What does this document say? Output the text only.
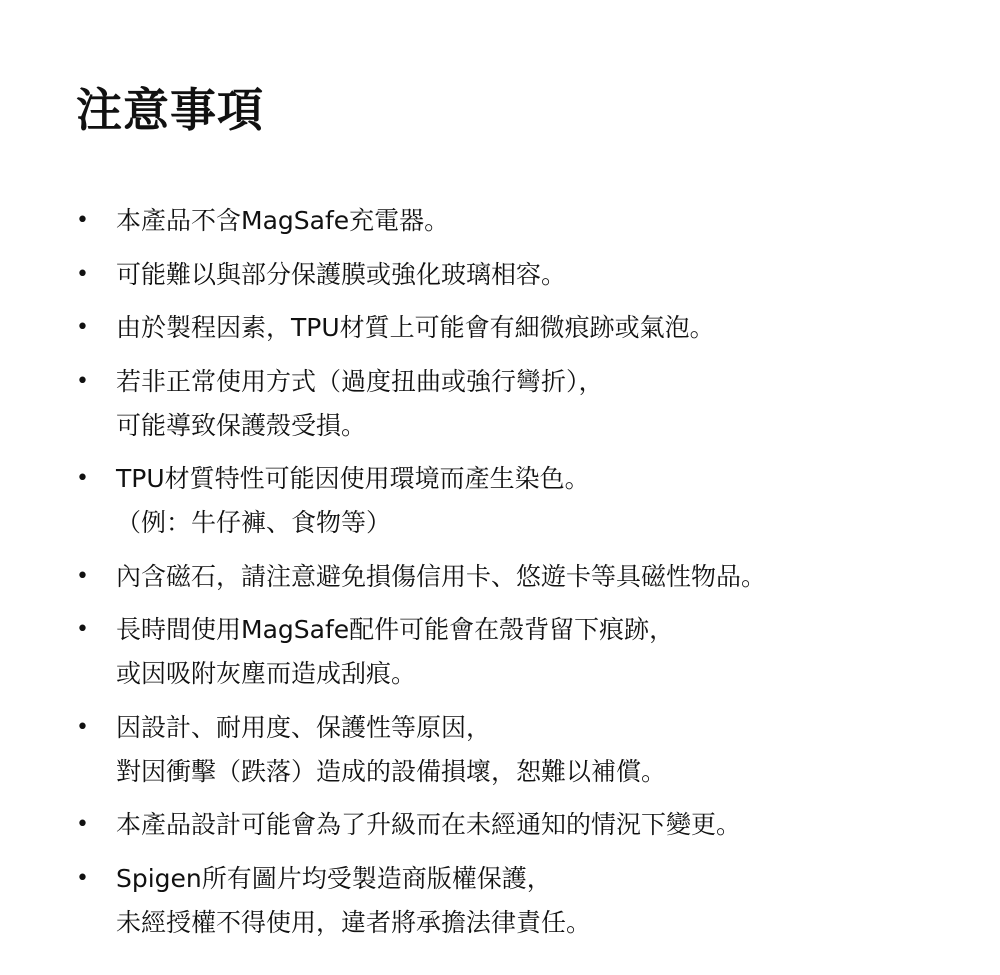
注意事項
•	本產品不含MagSafe充電器。
•	可能難以與部分保護膜或強化玻璃相容。
•	由於製程因素，TPU材質上可能會有細微痕跡或氣泡。
•	若非正常使用方式（過度扭曲或強行彎折），
可能導致保護殼受損。
•	TPU材質特性可能因使用環境而產生染色。
（例：牛仔褲、食物等）
•	內含磁石，請注意避免損傷信用卡、悠遊卡等具磁性物品。
•	長時間使用MagSafe配件可能會在殼背留下痕跡，
或因吸附灰塵而造成刮痕。
•	因設計、耐用度、保護性等原因，
對因衝擊（跌落）造成的設備損壞，恕難以補償。
•	本產品設計可能會為了升級而在未經通知的情況下變更。
•	Spigen所有圖片均受製造商版權保護，
未經授權不得使用，違者將承擔法律責任。
